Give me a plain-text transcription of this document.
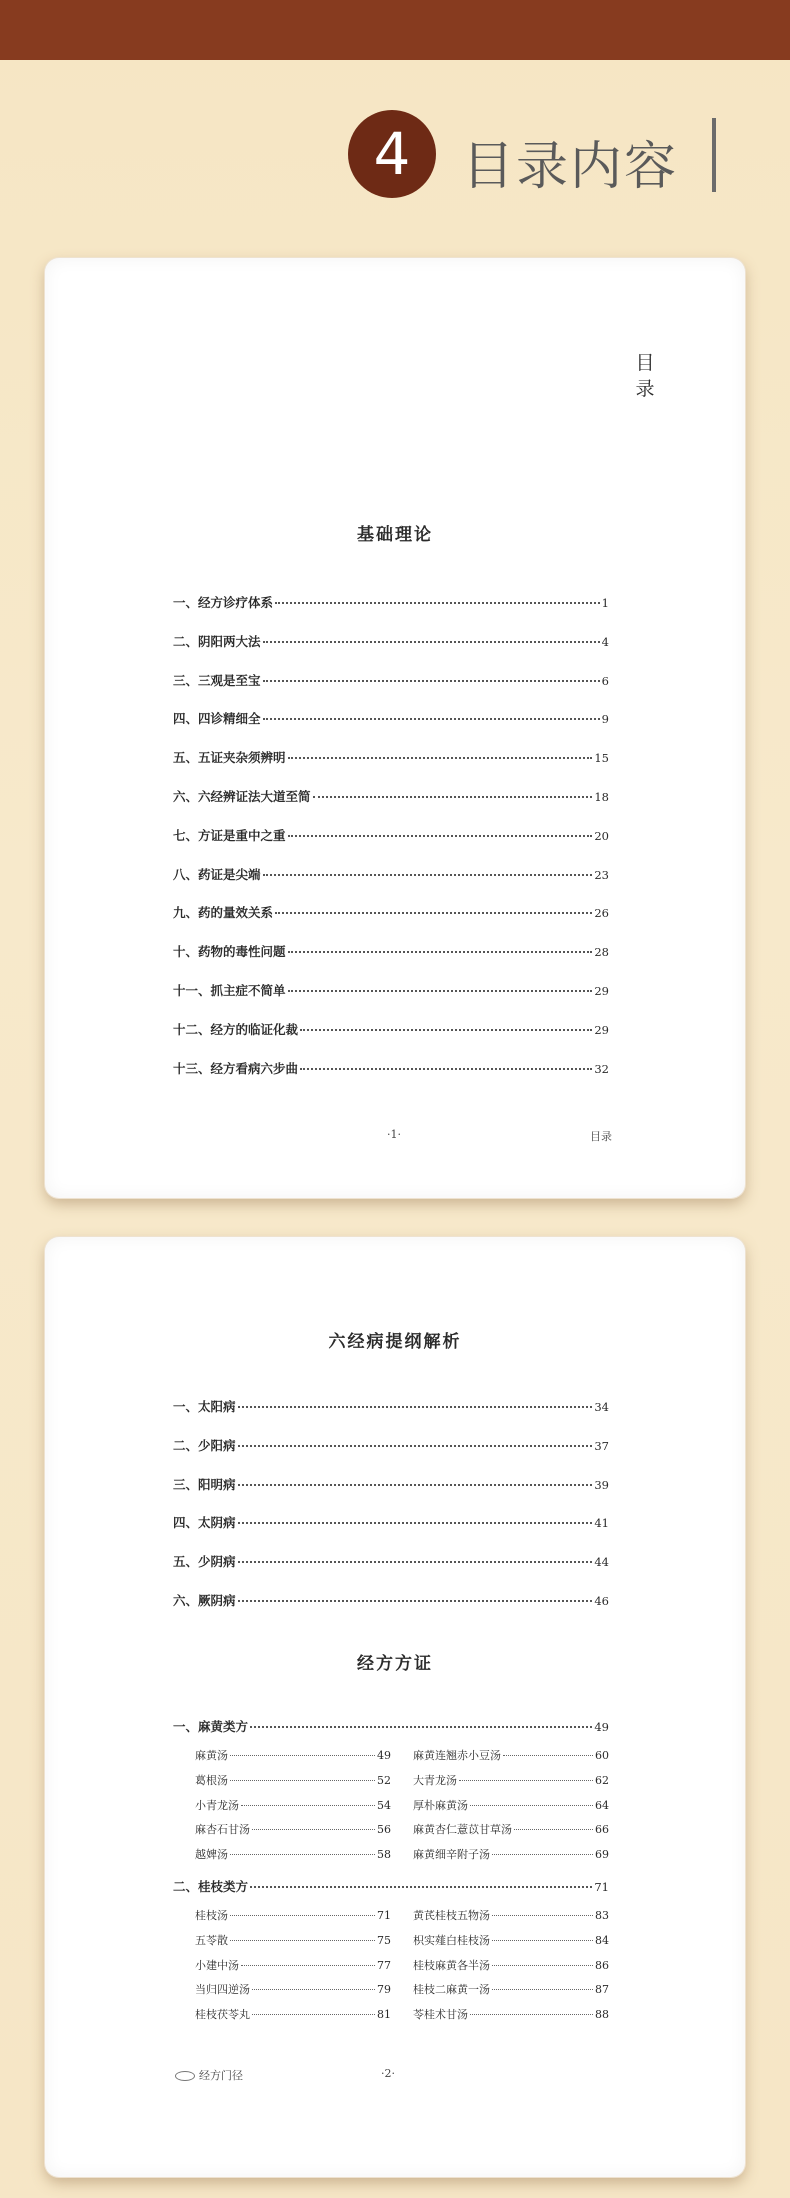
4 目录内容
目
录
基础理论
一、经方诊疗体系	1
二、阴阳两大法	4
三、三观是至宝	6
四、四诊精细全	9
五、五证夹杂须辨明	15
六、六经辨证法大道至简	18
七、方证是重中之重	20
八、药证是尖端	23
九、药的量效关系	26
十、药物的毒性问题	28
十一、抓主症不简单	29
十二、经方的临证化裁	29
十三、经方看病六步曲	32
·1·	目录
六经病提纲解析
一、太阳病	34
二、少阳病	37
三、阳明病	39
四、太阴病	41
五、少阴病	44
六、厥阴病	46
经方方证
一、麻黄类方	49
麻黄汤	49 麻黄连翘赤小豆汤	60
葛根汤	52 大青龙汤	62
小青龙汤	54 厚朴麻黄汤	64
麻杏石甘汤	56 麻黄杏仁薏苡甘草汤	66
越婢汤	58 麻黄细辛附子汤	69
二、桂枝类方	71
桂枝汤	71 黄芪桂枝五物汤	83
五苓散	75 枳实薤白桂枝汤	84
小建中汤	77 桂枝麻黄各半汤	86
当归四逆汤	79 桂枝二麻黄一汤	87
桂枝茯苓丸	81 苓桂术甘汤	88
经方门径	·2·
